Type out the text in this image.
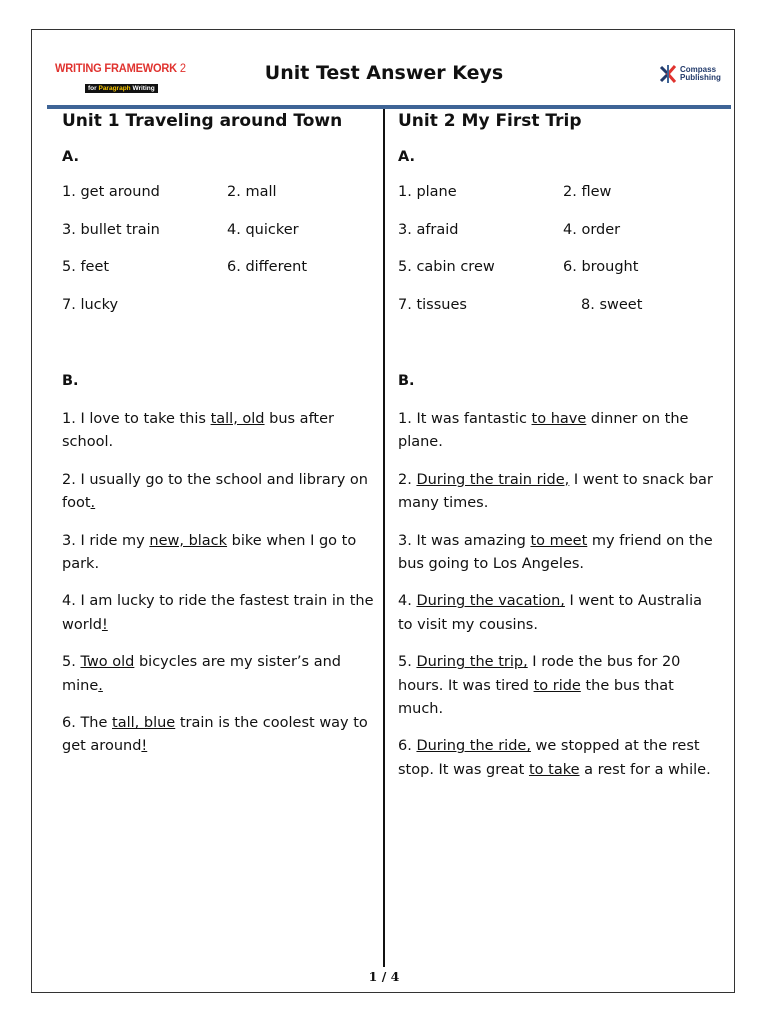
WRITING FRAMEWORK 2
for Paragraph Writing
Unit Test Answer Keys	Compass
Publishing
Unit 1 Traveling around Town
A.
1. get around	2. mall
3. bullet train	4. quicker
5. feet	6. different
7. lucky
B.
1. I love to take this tall, old bus after school.
2. I usually go to the school and library on foot.
3. I ride my new, black bike when I go to park.
4. I am lucky to ride the fastest train in the world!
5. Two old bicycles are my sister’s and mine.
6. The tall, blue train is the coolest way to get around!
Unit 2 My First Trip
A.
1. plane	2. flew
3. afraid	4. order
5. cabin crew	6. brought
7. tissues	8. sweet
B.
1. It was fantastic to have dinner on the plane.
2. During the train ride, I went to snack bar many times.
3. It was amazing to meet my friend on the bus going to Los Angeles.
4. During the vacation, I went to Australia to visit my cousins.
5. During the trip, I rode the bus for 20 hours. It was tired to ride the bus that much.
6. During the ride, we stopped at the rest stop. It was great to take a rest for a while.
1 / 4
